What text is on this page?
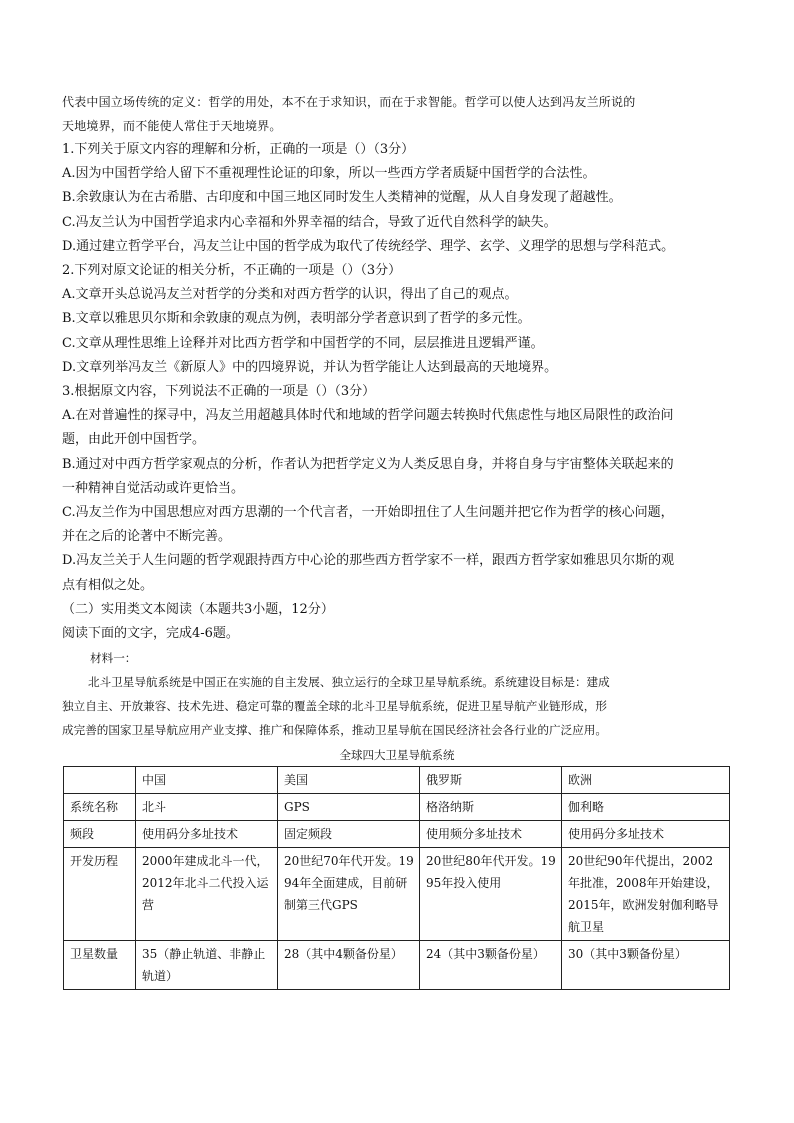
代表中国立场传统的定义：哲学的用处，本不在于求知识，而在于求智能。哲学可以使人达到冯友兰所说的
天地境界，而不能使人常住于天地境界。
1.下列关于原文内容的理解和分析，正确的一项是（）（3分）
A.因为中国哲学给人留下不重视理性论证的印象，所以一些西方学者质疑中国哲学的合法性。
B.余敦康认为在古希腊、古印度和中国三地区同时发生人类精神的觉醒，从人自身发现了超越性。
C.冯友兰认为中国哲学追求内心幸福和外界幸福的结合，导致了近代自然科学的缺失。
D.通过建立哲学平台，冯友兰让中国的哲学成为取代了传统经学、理学、玄学、义理学的思想与学科范式。
2.下列对原文论证的相关分析，不正确的一项是（）（3分）
A.文章开头总说冯友兰对哲学的分类和对西方哲学的认识，得出了自己的观点。
B.文章以雅思贝尔斯和余敦康的观点为例，表明部分学者意识到了哲学的多元性。
C.文章从理性思维上诠释并对比西方哲学和中国哲学的不同，层层推进且逻辑严谨。
D.文章列举冯友兰《新原人》中的四境界说，并认为哲学能让人达到最高的天地境界。
3.根据原文内容，下列说法不正确的一项是（）（3分）
A.在对普遍性的探寻中，冯友兰用超越具体时代和地域的哲学问题去转换时代焦虑性与地区局限性的政治问
题，由此开创中国哲学。
B.通过对中西方哲学家观点的分析，作者认为把哲学定义为人类反思自身，并将自身与宇宙整体关联起来的
一种精神自觉活动或许更恰当。
C.冯友兰作为中国思想应对西方思潮的一个代言者，一开始即扭住了人生问题并把它作为哲学的核心问题，
并在之后的论著中不断完善。
D.冯友兰关于人生问题的哲学观跟持西方中心论的那些西方哲学家不一样，跟西方哲学家如雅思贝尔斯的观
点有相似之处。
（二）实用类文本阅读（本题共3小题，12分）
阅读下面的文字，完成4-6题。
材料一：
北斗卫星导航系统是中国正在实施的自主发展、独立运行的全球卫星导航系统。系统建设目标是：建成
独立自主、开放兼容、技术先进、稳定可靠的覆盖全球的北斗卫星导航系统，促进卫星导航产业链形成，形
成完善的国家卫星导航应用产业支撑、推广和保障体系，推动卫星导航在国民经济社会各行业的广泛应用。
全球四大卫星导航系统
	中国	美国	俄罗斯	欧洲
系统名称	北斗	GPS	格洛纳斯	伽利略
频段	使用码分多址技术	固定频段	使用频分多址技术	使用码分多址技术
开发历程	2000年建成北斗一代，2012年北斗二代投入运营	20世纪70年代开发。1994年全面建成，目前研制第三代GPS	20世纪80年代开发。1995年投入使用	20世纪90年代提出，2002年批准，2008年开始建设，2015年，欧洲发射伽利略导航卫星
卫星数量	35（静止轨道、非静止轨道）	28（其中4颗备份星）	24（其中3颗备份星）	30（其中3颗备份星）
